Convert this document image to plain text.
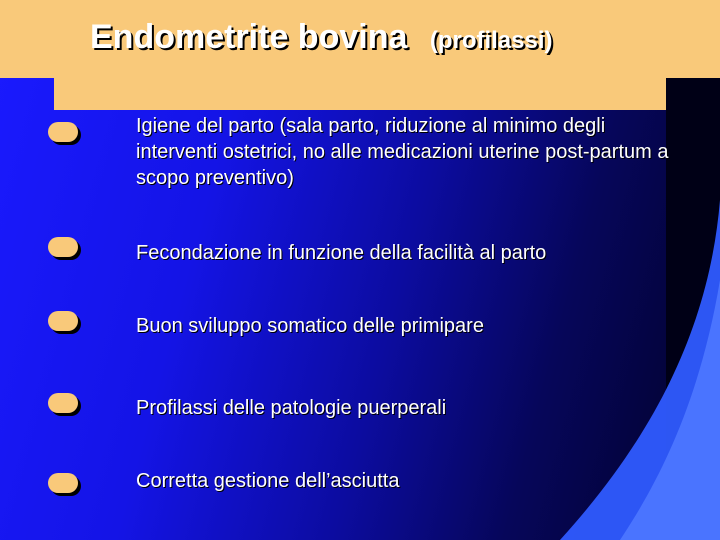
Endometrite bovina (profilassi)
Igiene del parto (sala parto, riduzione al minimo degli interventi ostetrici, no alle medicazioni uterine post-partum a scopo preventivo)
Fecondazione in funzione della facilità al parto
Buon sviluppo somatico delle primipare
Profilassi delle patologie puerperali
Corretta gestione dell’asciutta
